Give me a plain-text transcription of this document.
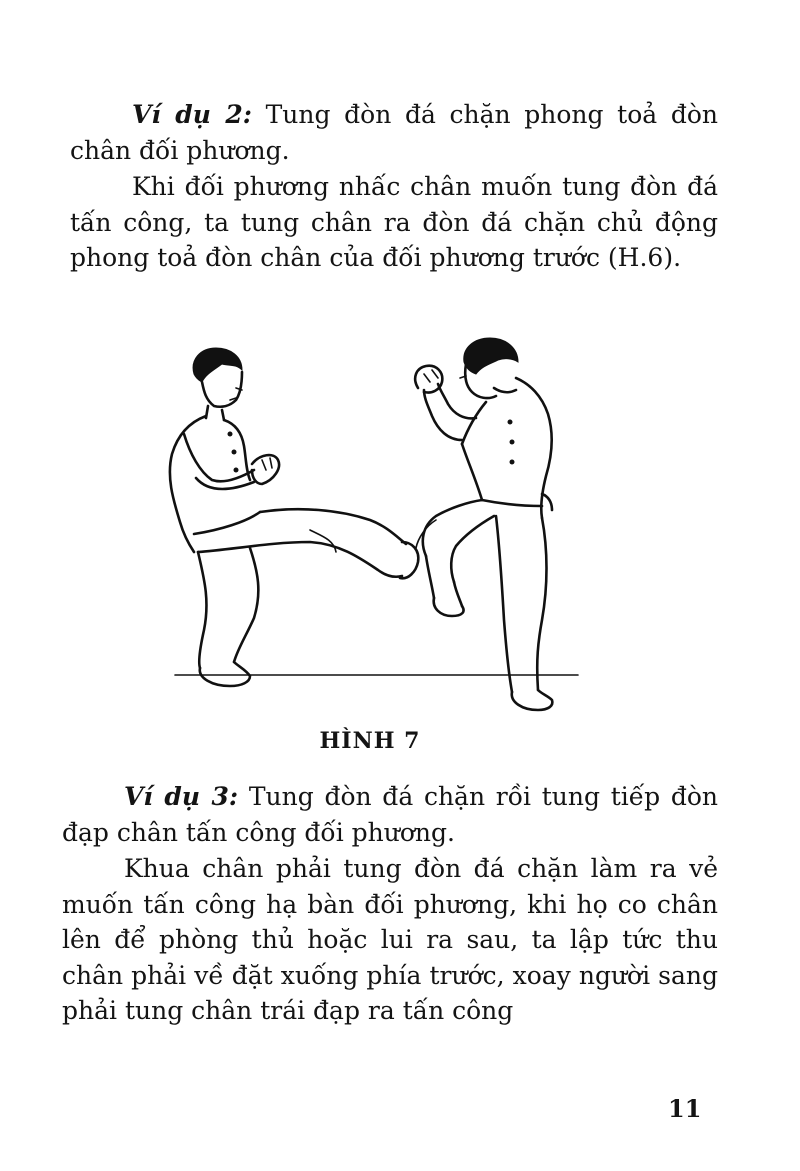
Ví dụ 2: Tung đòn đá chặn phong toả đòn chân đối phương.

Khi đối phương nhấc chân muốn tung đòn đá tấn công, ta tung chân ra đòn đá chặn chủ động phong toả đòn chân của đối phương trước (H.6).

HÌNH 7

Ví dụ 3: Tung đòn đá chặn rồi tung tiếp đòn đạp chân tấn công đối phương.

Khua chân phải tung đòn đá chặn làm ra vẻ muốn tấn công hạ bàn đối phương, khi họ co chân lên để phòng thủ hoặc lui ra sau, ta lập tức thu chân phải về đặt xuống phía trước, xoay người sang phải tung chân trái đạp ra tấn công

11
